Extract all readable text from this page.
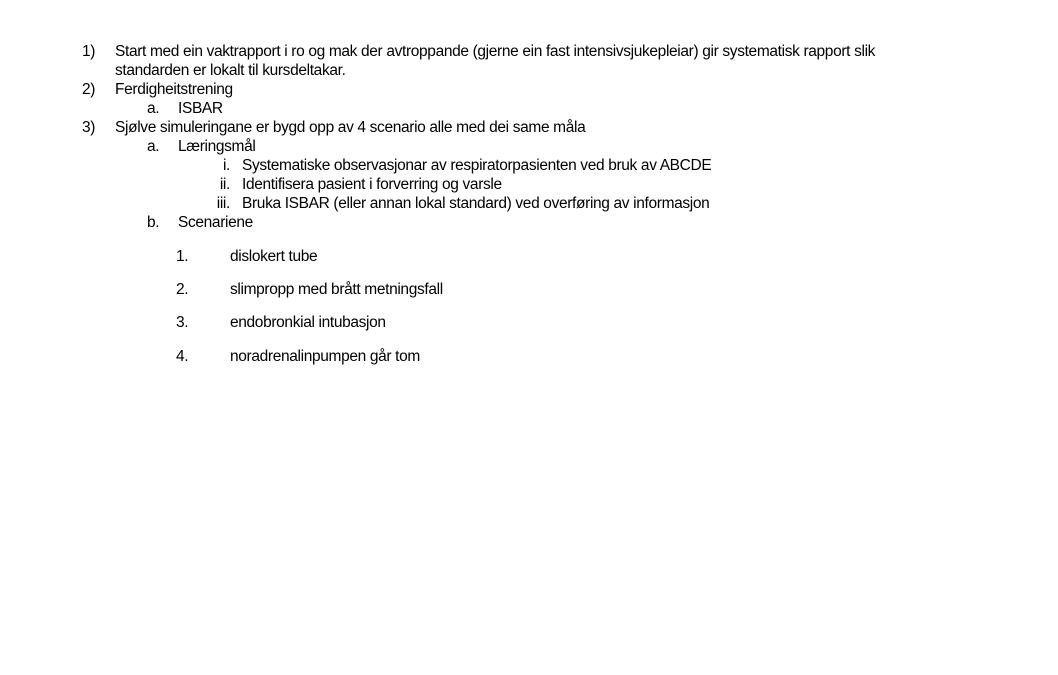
1) Start med ein vaktrapport i ro og mak der avtroppande (gjerne ein fast intensivsjukepleiar) gir systematisk rapport slik
standarden er lokalt til kursdeltakar.
2) Ferdigheitstrening
a. ISBAR
3) Sjølve simuleringane er bygd opp av 4 scenario alle med dei same måla
a. Læringsmål
i. Systematiske observasjonar av respiratorpasienten ved bruk av ABCDE
ii. Identifisera pasient i forverring og varsle
iii. Bruka ISBAR (eller annan lokal standard) ved overføring av informasjon
b. Scenariene
1.	dislokert tube
2.	slimpropp med brått metningsfall
3.	endobronkial intubasjon
4.	noradrenalinpumpen går tom
